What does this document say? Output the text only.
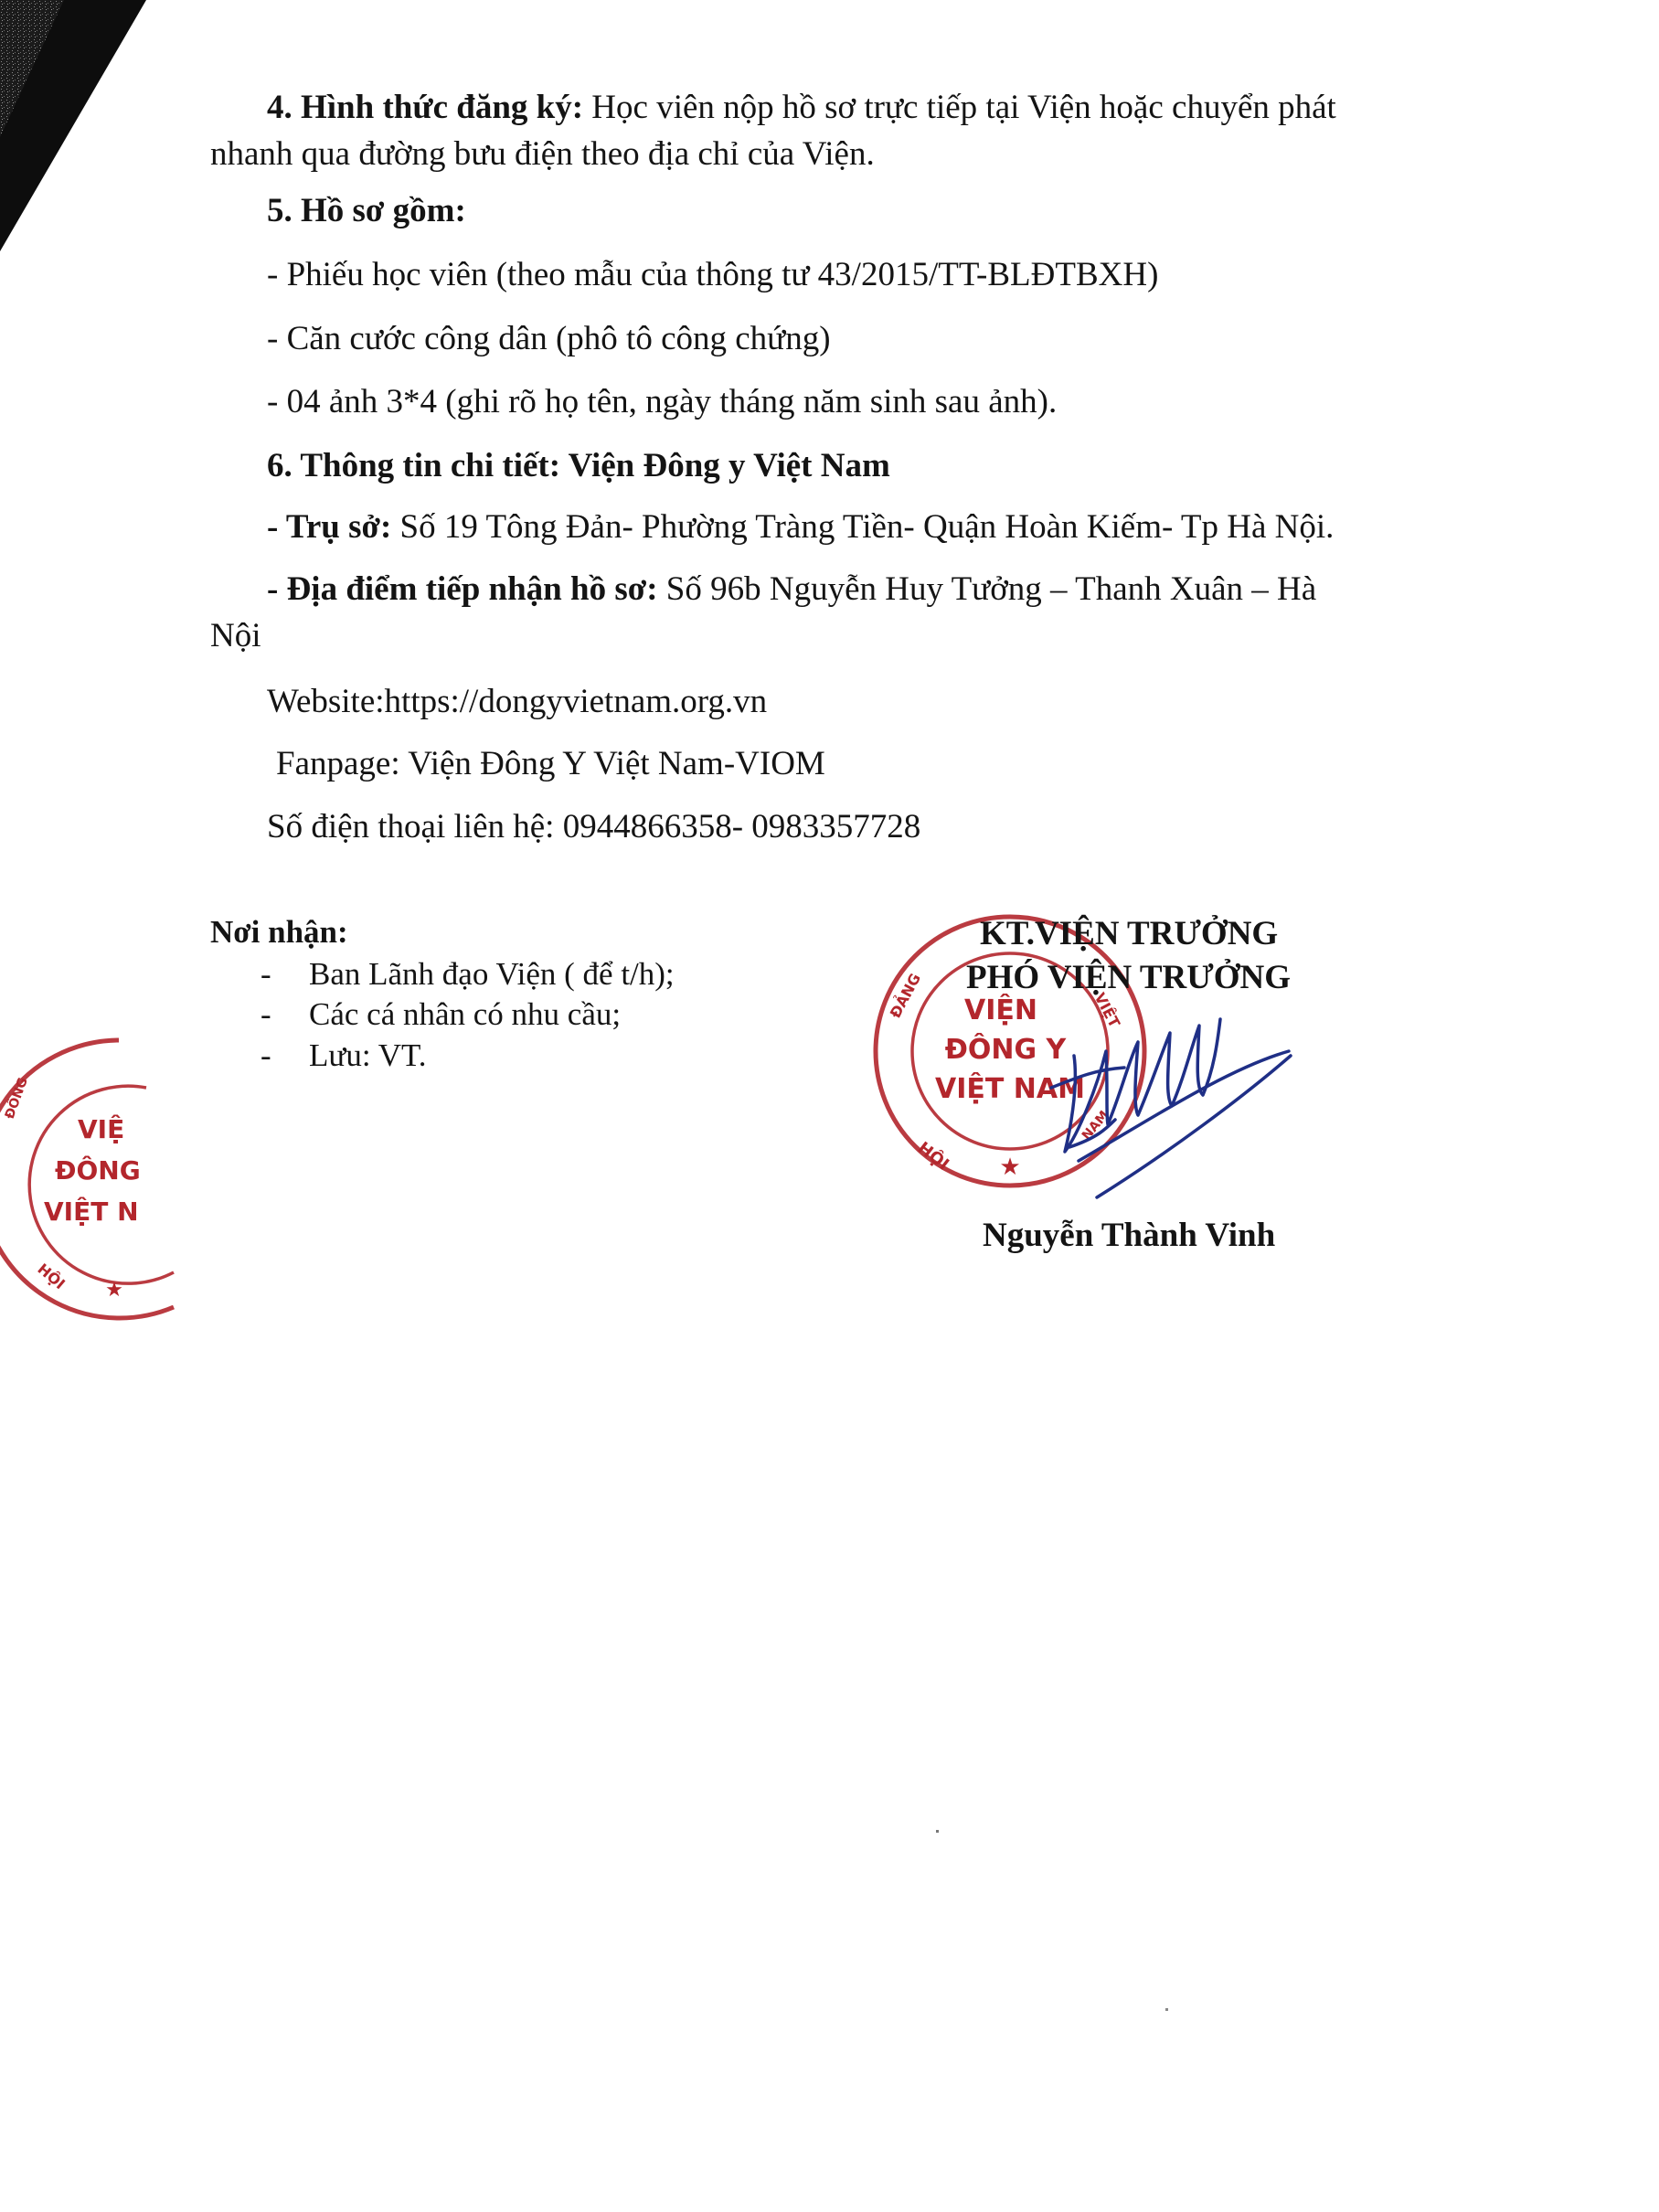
4. Hình thức đăng ký: Học viên nộp hồ sơ trực tiếp tại Viện hoặc chuyển phát
nhanh qua đường bưu điện theo địa chỉ của Viện.
5. Hồ sơ gồm:
- Phiếu học viên (theo mẫu của thông tư 43/2015/TT-BLĐTBXH)
- Căn cước công dân (phô tô công chứng)
- 04 ảnh 3*4 (ghi rõ họ tên, ngày tháng năm sinh sau ảnh).
6. Thông tin chi tiết: Viện Đông y Việt Nam
- Trụ sở: Số 19 Tông Đản- Phường Tràng Tiền- Quận Hoàn Kiếm- Tp Hà Nội.
- Địa điểm tiếp nhận hồ sơ: Số 96b Nguyễn Huy Tưởng – Thanh Xuân – Hà
Nội
Website:https://dongyvietnam.org.vn
Fanpage: Viện Đông Y Việt Nam-VIOM
Số điện thoại liên hệ: 0944866358- 0983357728
Nơi nhận:
- Ban Lãnh đạo Viện ( để t/h);
- Các cá nhân có nhu cầu;
- Lưu: VT.
VIỆN
ĐÔNG Y
VIỆT NAM
★
ĐẢNG
HỘI
VIỆT
NAM
KT.VIỆN TRƯỞNG
PHÓ VIỆN TRƯỞNG
Nguyễn Thành Vinh
VIỆ
ĐÔNG
VIỆT N
★
ĐÔNG
HỘI
